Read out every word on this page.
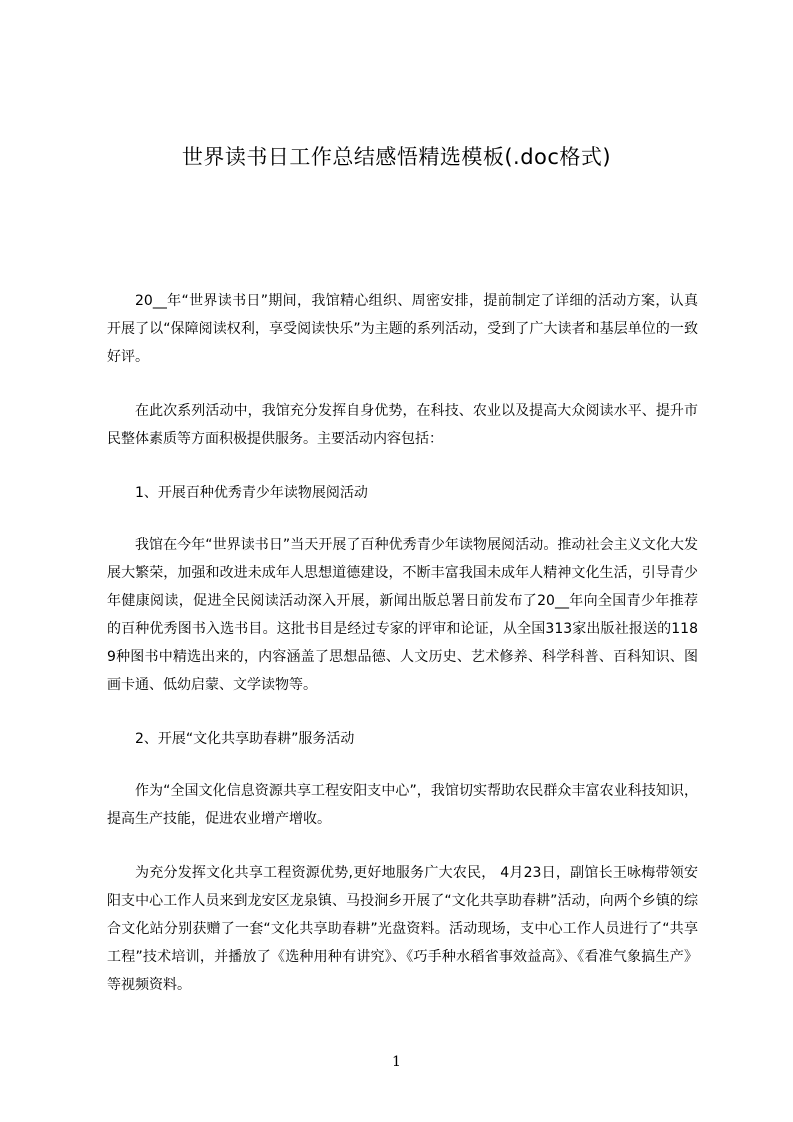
世界读书日工作总结感悟精选模板(.doc格式)

20__年“世界读书日”期间，我馆精心组织、周密安排，提前制定了详细的活动方案，认真开展了以“保障阅读权利，享受阅读快乐”为主题的系列活动，受到了广大读者和基层单位的一致好评。

在此次系列活动中，我馆充分发挥自身优势，在科技、农业以及提高大众阅读水平、提升市民整体素质等方面积极提供服务。主要活动内容包括：

1、开展百种优秀青少年读物展阅活动

我馆在今年“世界读书日”当天开展了百种优秀青少年读物展阅活动。推动社会主义文化大发展大繁荣，加强和改进未成年人思想道德建设，不断丰富我国未成年人精神文化生活，引导青少年健康阅读，促进全民阅读活动深入开展，新闻出版总署日前发布了20__年向全国青少年推荐的百种优秀图书入选书目。这批书目是经过专家的评审和论证，从全国313家出版社报送的1189种图书中精选出来的，内容涵盖了思想品德、人文历史、艺术修养、科学科普、百科知识、图画卡通、低幼启蒙、文学读物等。

2、开展“文化共享助春耕”服务活动

作为“全国文化信息资源共享工程安阳支中心”，我馆切实帮助农民群众丰富农业科技知识，提高生产技能，促进农业增产增收。

为充分发挥文化共享工程资源优势,更好地服务广大农民， 4月23日，副馆长王咏梅带领安阳支中心工作人员来到龙安区龙泉镇、马投涧乡开展了“文化共享助春耕”活动，向两个乡镇的综合文化站分别获赠了一套“文化共享助春耕”光盘资料。活动现场，支中心工作人员进行了“共享工程”技术培训，并播放了《选种用种有讲究》、《巧手种水稻省事效益高》、《看准气象搞生产》等视频资料。

1
